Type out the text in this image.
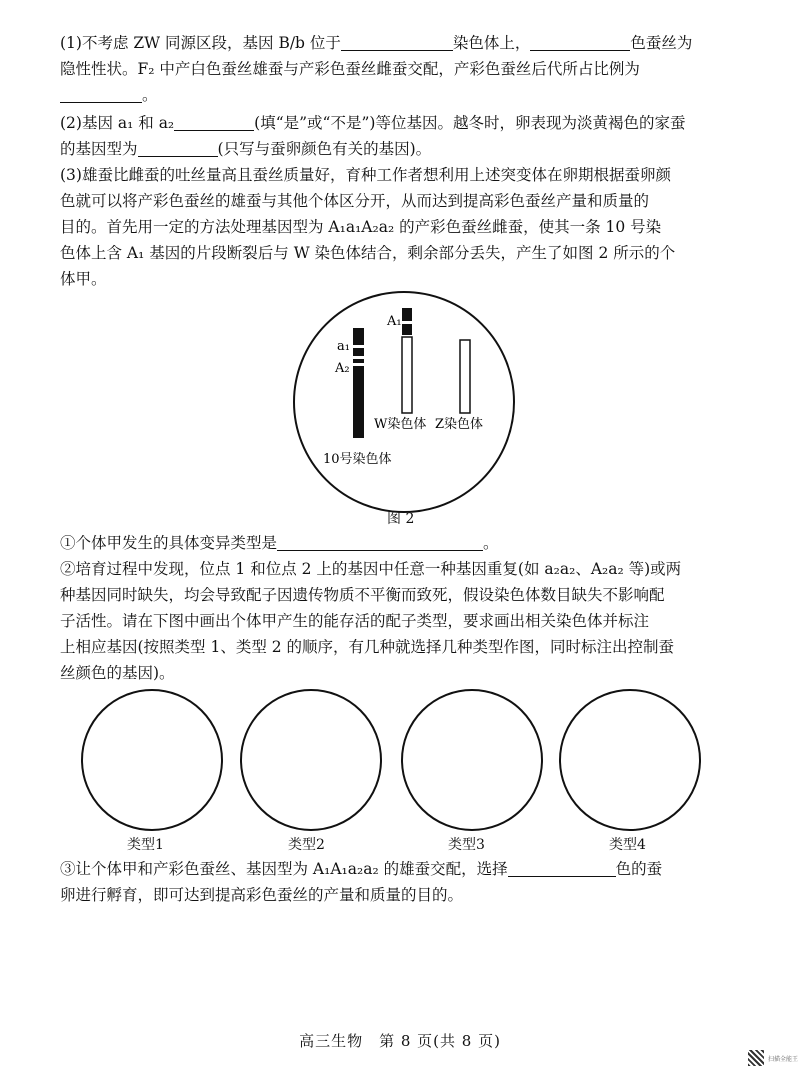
(1)不考虑 ZW 同源区段，基因 B/b 位于	染色体上，	色蚕丝为
隐性性状。F₂ 中产白色蚕丝雄蚕与产彩色蚕丝雌蚕交配，产彩色蚕丝后代所占比例为
。
(2)基因 a₁ 和 a₂	(填“是”或“不是”)等位基因。越冬时，卵表现为淡黄褐色的家蚕
的基因型为	(只写与蚕卵颜色有关的基因)。
(3)雄蚕比雌蚕的吐丝量高且蚕丝质量好，育种工作者想利用上述突变体在卵期根据蚕卵颜
色就可以将产彩色蚕丝的雄蚕与其他个体区分开，从而达到提高彩色蚕丝产量和质量的
目的。首先用一定的方法处理基因型为 A₁a₁A₂a₂ 的产彩色蚕丝雌蚕，使其一条 10 号染
色体上含 A₁ 基因的片段断裂后与 W 染色体结合，剩余部分丢失，产生了如图 2 所示的个
体甲。
a₁
A₂
10号染色体
A₁
W染色体 Z染色体
图 2
①个体甲发生的具体变异类型是	。
②培育过程中发现，位点 1 和位点 2 上的基因中任意一种基因重复(如 a₂a₂、A₂a₂ 等)或两
种基因同时缺失，均会导致配子因遗传物质不平衡而致死，假设染色体数目缺失不影响配
子活性。请在下图中画出个体甲产生的能存活的配子类型，要求画出相关染色体并标注
上相应基因(按照类型 1、类型 2 的顺序，有几种就选择几种类型作图，同时标注出控制蚕
丝颜色的基因)。
类型1	类型2	类型3	类型4
③让个体甲和产彩色蚕丝、基因型为 A₁A₁a₂a₂ 的雄蚕交配，选择	色的蚕
卵进行孵育，即可达到提高彩色蚕丝的产量和质量的目的。
高三生物　第 8 页(共 8 页)
扫描全能王
